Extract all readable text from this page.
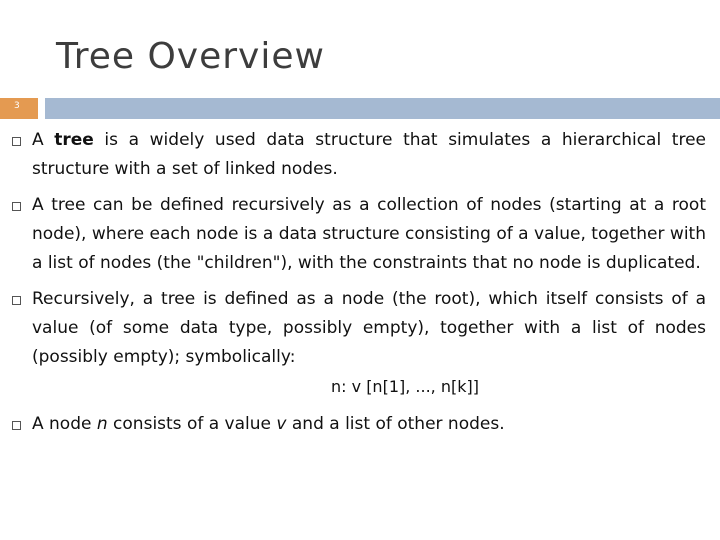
Tree Overview
3
A tree is a widely used data structure that simulates a hierarchical tree structure with a set of linked nodes.
A tree can be defined recursively as a collection of nodes (starting at a root node), where each node is a data structure consisting of a value, together with a list of nodes (the "children"), with the constraints that no node is duplicated.
Recursively, a tree is defined as a node (the root), which itself consists of a value (of some data type, possibly empty), together with a list of nodes (possibly empty); symbolically:
n: v [n[1], ..., n[k]]
A node n consists of a value v and a list of other nodes.
